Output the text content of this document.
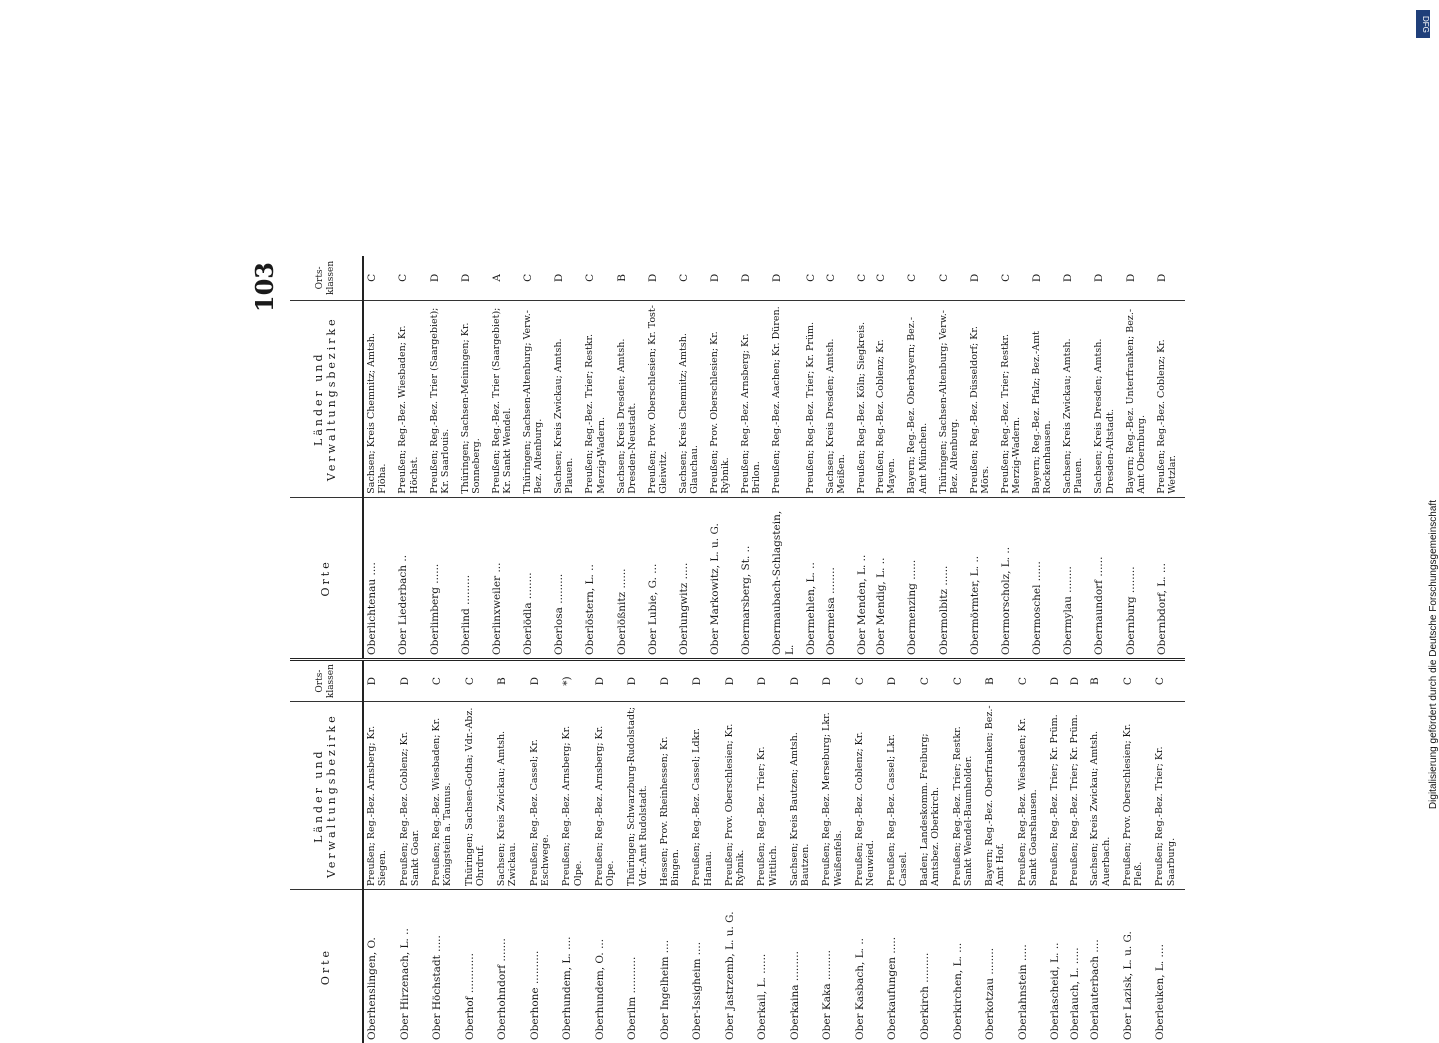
103
Orte	Länder und Verwaltungsbezirke	Orts-klassen
Oberhenslingen, O.	Preußen; Reg.-Bez. Arnsberg; Kr. Siegen.	D
Ober Hirzenach, L. ..	Preußen; Reg.-Bez. Coblenz; Kr. Sankt Goar.	D
Ober Höchstadt .....	Preußen; Reg.-Bez. Wiesbaden; Kr. Königstein a. Taunus.	C
Oberhof ............	Thüringen; Sachsen-Gotha; Vdr.-Abz. Ohrdruf.	C
Oberhohndorf .......	Sachsen; Kreis Zwickau; Amtsh. Zwickau.	B
Oberhone ..........	Preußen; Reg.-Bez. Cassel; Kr. Eschwege.	D
Oberhundem, L. ....	Preußen; Reg.-Bez. Arnsberg; Kr. Olpe.	*)
Oberhundem, O. ...	Preußen; Reg.-Bez. Arnsberg; Kr. Olpe.	D
Oberilm ...........	Thüringen; Schwarzburg-Rudolstadt; Vdr.-Amt Rudolstadt.	D
Ober Ingelheim ....	Hessen; Prov. Rheinhessen; Kr. Bingen.	D
Ober-Issigheim ....	Preußen; Reg.-Bez. Cassel; Ldkr. Hanau.	D
Ober Jastrzemb, L. u. G.	Preußen; Prov. Oberschlesien; Kr. Rybnik.	D
Oberkail, L. ......	Preußen; Reg.-Bez. Trier; Kr. Wittlich.	D
Oberkaina .........	Sachsen; Kreis Bautzen; Amtsh. Bautzen.	D
Ober Kaka .........	Preußen; Reg.-Bez. Merseburg; Lkr. Weißenfels.	D
Ober Kasbach, L. ..	Preußen; Reg.-Bez. Coblenz; Kr. Neuwied.	C
Oberkaufungen .....	Preußen; Reg.-Bez. Cassel; Lkr. Cassel.	D
Oberkirch .........	Baden; Landeskomm. Freiburg; Amtsbez. Oberkirch.	C
Oberkirchen, L. ...	Preußen; Reg.-Bez. Trier; Restkr. Sankt Wendel-Baumholder.	C
Oberkotzau ........	Bayern; Reg.-Bez. Oberfranken; Bez.-Amt Hof.	B
Oberlahnstein .....	Preußen; Reg.-Bez. Wiesbaden; Kr. Sankt Goarshausen.	C
Oberlascheid, L. ..	Preußen; Reg.-Bez. Trier; Kr. Prüm.	D
Oberlauch, L. .....	Preußen; Reg.-Bez. Trier; Kr. Prüm.	D
Oberlauterbach ....	Sachsen; Kreis Zwickau; Amtsh. Auerbach.	B
Ober Lazisk, L. u. G.	Preußen; Prov. Oberschlesien; Kr. Pleß.	C
Oberleuken, L. ....	Preußen; Reg.-Bez. Trier; Kr. Saarburg.	C
Orte	Länder und Verwaltungsbezirke	Orts-klassen
Oberlichtenau ....	Sachsen; Kreis Chemnitz; Amtsh. Flöha.	C
Ober Liederbach ..	Preußen; Reg.-Bez. Wiesbaden; Kr. Höchst.	C
Oberlimberg ......	Preußen; Reg.-Bez. Trier (Saargebiet); Kr. Saarlouis.	D
Oberlind .........	Thüringen; Sachsen-Meiningen; Kr. Sonneberg.	D
Oberlinxweiler ...	Preußen; Reg.-Bez. Trier (Saargebiet); Kr. Sankt Wendel.	A
Oberlödla ........	Thüringen; Sachsen-Altenburg; Verw.-Bez. Altenburg.	C
Oberlosa .........	Sachsen; Kreis Zwickau; Amtsh. Plauen.	D
Oberlöstern, L. ..	Preußen; Reg.-Bez. Trier; Restkr. Merzig-Wadern.	C
Oberlößnitz ......	Sachsen; Kreis Dresden; Amtsh. Dresden-Neustadt.	B
Ober Lubie, G. ...	Preußen; Prov. Oberschlesien; Kr. Tost-Gleiwitz.	D
Oberlungwitz .....	Sachsen; Kreis Chemnitz; Amtsh. Glauchau.	C
Ober Markowitz, L. u. G.	Preußen; Prov. Oberschlesien; Kr. Rybnik.	D
Obermarsberg, St. ..	Preußen; Reg.-Bez. Arnsberg; Kr. Brilon.	D
Obermaubach-Schlagstein, L.	Preußen; Reg.-Bez. Aachen; Kr. Düren.	D
Obermehlen, L. ..	Preußen; Reg.-Bez. Trier; Kr. Prüm.	C
Obermeisa ........	Sachsen; Kreis Dresden; Amtsh. Meißen.	C
Ober Menden, L. ..	Preußen; Reg.-Bez. Köln; Siegkreis.	C
Ober Mendig, L. ..	Preußen; Reg.-Bez. Coblenz; Kr. Mayen.	C
Obermenzing ......	Bayern; Reg.-Bez. Oberbayern; Bez.-Amt München.	C
Obermolbitz ......	Thüringen; Sachsen-Altenburg; Verw.-Bez. Altenburg.	C
Obermörmter, L. ..	Preußen; Reg.-Bez. Düsseldorf; Kr. Mörs.	D
Obermorscholz, L. ..	Preußen; Reg.-Bez. Trier; Restkr. Merzig-Wadern.	C
Obermoschel ......	Bayern; Reg.-Bez. Pfalz; Bez.-Amt Rockenhausen.	D
Obermylau ........	Sachsen; Kreis Zwickau; Amtsh. Plauen.	D
Obernaundorf ......	Sachsen; Kreis Dresden; Amtsh. Dresden-Altstadt.	D
Obernburg ........	Bayern; Reg.-Bez. Unterfranken; Bez.-Amt Obernburg.	D
Obernbdorf, L. ...	Preußen; Reg.-Bez. Coblenz; Kr. Wetzlar.	D
Digitalisierung gefördert durch die Deutsche Forschungsgemeinschaft
DFG
